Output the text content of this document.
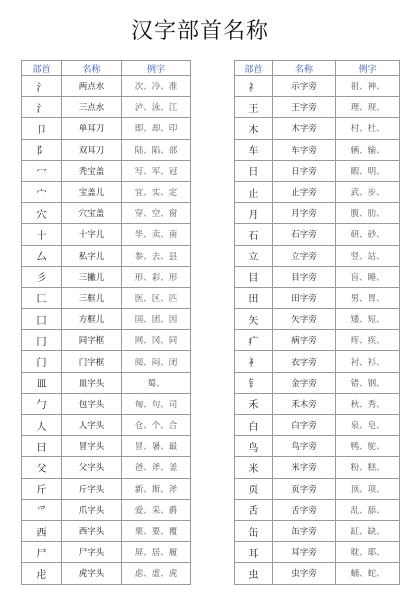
汉字部首名称
部首	名称	例字
氵	两点水	次、冷、准
氵	三点水	泸、泳、江
卩	单耳刀	即、却、印
阝	双耳刀	陆、陷、部
冖	秃宝盖	写、军、冠
宀	宝盖儿	宜、实、定
穴	穴宝盖	穿、空、窗
十	十字儿	华、卖、南
厶	私字儿	参、去、县
彡	三撇儿	形、彩、形
匚	三框儿	医、区、匹
囗	方框儿	国、团、因
冂	同字框	网、冈、同
门	门字框	阅、闷、闭
皿	皿字头	蜀、
勹	包字头	匈、句、司
人	人字头	仓、个、合
曰	冒字头	冒、暑、最
父	父字头	爸、斧、釜
斤	斤字头	新、斯、斧
爫	爪字头	爱、采、爵
西	西字头	栗、要、覆
尸	尸字头	屏、居、履
虍	虎字头	虑、虚、虎
部首	名称	例字
礻	示字旁	祖、神、
王	王字旁	理、现、
木	木字旁	村、杜、
车	车字旁	辆、输、
日	日字旁	暇、明、
止	止字旁	武、步、
月	月字旁	腹、肋、
石	石字旁	研、砂、
立	立字旁	竖、站、
目	目字旁	盲、睡、
田	田字旁	男、胃、
矢	矢字旁	矮、短、
疒	病字旁	疼、疾、
衤	衣字旁	衬、衫、
钅	金字旁	错、钢、
禾	禾木旁	秋、秀、
白	白字旁	泉、皂、
鸟	鸟字旁	鸭、鸵、
米	米字旁	粉、糕、
页	页字旁	顶、项、
舌	舌字旁	乱、舔、
缶	缶字旁	缸、缺、
耳	耳字旁	耽、耶、
虫	虫字旁	蛹、蛇、
